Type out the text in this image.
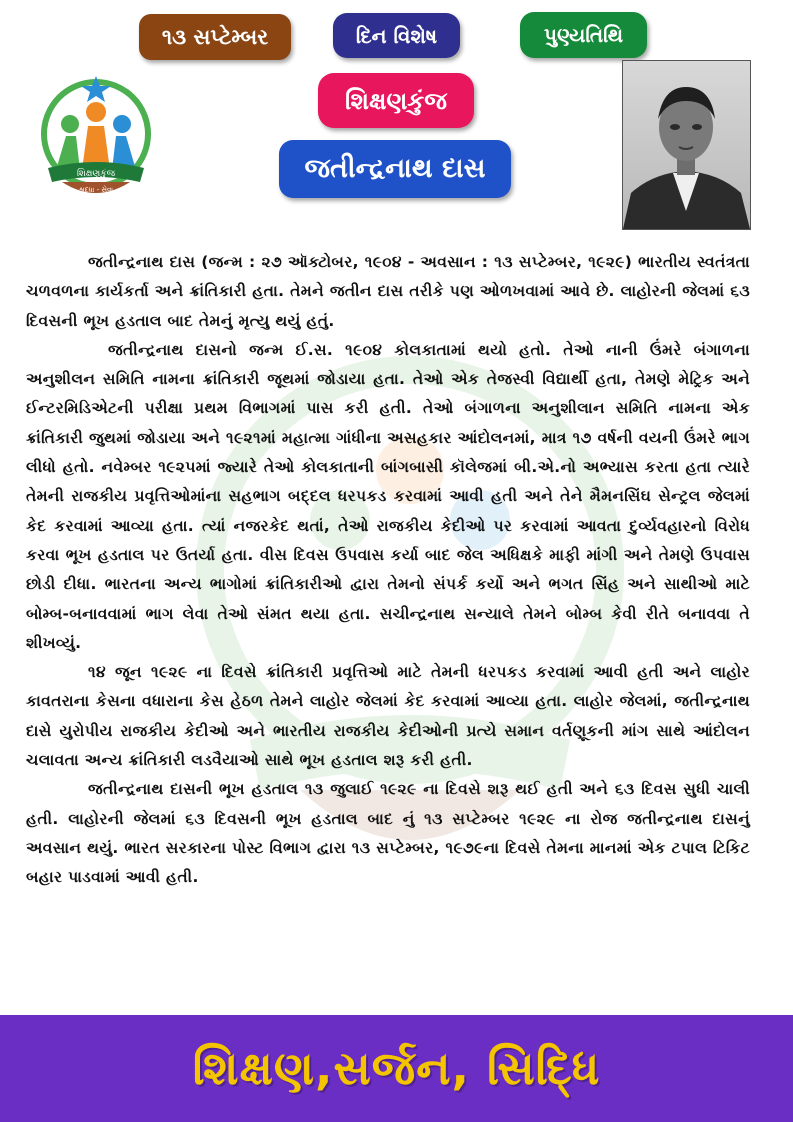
૧૩ સપ્ટેમ્બર	દિન વિશેષ	પુણ્યતિથિ
શિક્ષણકુંજ
જતીન્દ્રનાથ દાસ
શિક્ષણકુંજ
શ્રદ્ધા - સેવા

જતીન્દ્રનાથ દાસ (જન્મ : ૨૭ ઑક્ટોબર, ૧૯૦૪ - અવસાન : ૧૩ સપ્ટેમ્બર, ૧૯૨૯) ભારતીય સ્વતંત્રતા ચળવળના કાર્યકર્તા અને ક્રાંતિકારી હતા. તેમને જતીન દાસ તરીકે પણ ઓળખવામાં આવે છે. લાહોરની જેલમાં ૬૩ દિવસની ભૂખ હડતાલ બાદ તેમનું મૃત્યુ થયું હતું.

જતીન્દ્રનાથ દાસનો જન્મ ઈ.સ. ૧૯૦૪ કોલકાતામાં થયો હતો. તેઓ નાની ઉંમરે બંગાળના અનુશીલન સમિતિ નામના ક્રાંતિકારી જૂથમાં જોડાયા હતા. તેઓ એક તેજસ્વી વિદ્યાર્થી હતા, તેમણે મેટ્રિક અને ઈન્ટરમિડિએટની પરીક્ષા પ્રથમ વિભાગમાં પાસ કરી હતી. તેઓ બંગાળના અનુશીલાન સમિતિ નામના એક ક્રાંતિકારી જુથમાં જોડાયા અને ૧૯૨૧માં મહાત્મા ગાંધીના અસહકાર આંદોલનમાં, માત્ર ૧૭ વર્ષની વયની ઉંમરે ભાગ લીધો હતો. નવેમ્બર ૧૯૨૫માં જ્યારે તેઓ કોલકાતાની બાંગબાસી કૉલેજમાં બી.એ.નો અભ્યાસ કરતા હતા ત્યારે તેમની રાજકીય પ્રવૃત્તિઓમાંના સહભાગ બદ્દલ ધરપકડ કરવામાં આવી હતી અને તેને મૈમનસિંઘ સેન્ટ્રલ જેલમાં કેદ કરવામાં આવ્યા હતા. ત્યાં નજરકેદ થતાં, તેઓ રાજકીય કેદીઓ પર કરવામાં આવતા દુર્વ્યવહારનો વિરોધ કરવા ભૂખ હડતાલ પર ઉતર્યા હતા. વીસ દિવસ ઉપવાસ કર્યા બાદ જેલ અધિક્ષકે માફી માંગી અને તેમણે ઉપવાસ છોડી દીધા. ભારતના અન્ય ભાગોમાં ક્રાંતિકારીઓ દ્વારા તેમનો સંપર્ક કર્યો અને ભગત સિંહ અને સાથીઓ માટે બોમ્બ-બનાવવામાં ભાગ લેવા તેઓ સંમત થયા હતા. સચીન્દ્રનાથ સન્યાલે તેમને બોમ્બ કેવી રીતે બનાવવા તે શીખવ્યું.

૧૪ જૂન ૧૯૨૯ ના દિવસે ક્રાંતિકારી પ્રવૃત્તિઓ માટે તેમની ધરપકડ કરવામાં આવી હતી અને લાહોર કાવતરાના કેસના વધારાના કેસ હેઠળ તેમને લાહોર જેલમાં કેદ કરવામાં આવ્યા હતા. લાહોર જેલમાં, જતીન્દ્રનાથ દાસે યુરોપીય રાજકીય કેદીઓ અને ભારતીય રાજકીય કેદીઓની પ્રત્યે સમાન વર્તણૂકની માંગ સાથે આંદોલન ચલાવતા અન્ય ક્રાંતિકારી લડવૈયાઓ સાથે ભૂખ હડતાલ શરૂ કરી હતી.

જતીન્દ્રનાથ દાસની ભૂખ હડતાલ ૧૩ જુલાઈ ૧૯૨૯ ના દિવસે શરૂ થઈ હતી અને ૬૩ દિવસ સુધી ચાલી હતી. લાહોરની જેલમાં ૬૩ દિવસની ભૂખ હડતાલ બાદ નું ૧૩ સપ્ટેમ્બર ૧૯૨૯ ના રોજ જતીન્દ્રનાથ દાસનું અવસાન થયું. ભારત સરકારના પોસ્ટ વિભાગ દ્વારા ૧૩ સપ્ટેમ્બર, ૧૯૭૯ના દિવસે તેમના માનમાં એક ટપાલ ટિકિટ બહાર પાડવામાં આવી હતી.

શિક્ષણ,સર્જન, સિદ્ધિ
